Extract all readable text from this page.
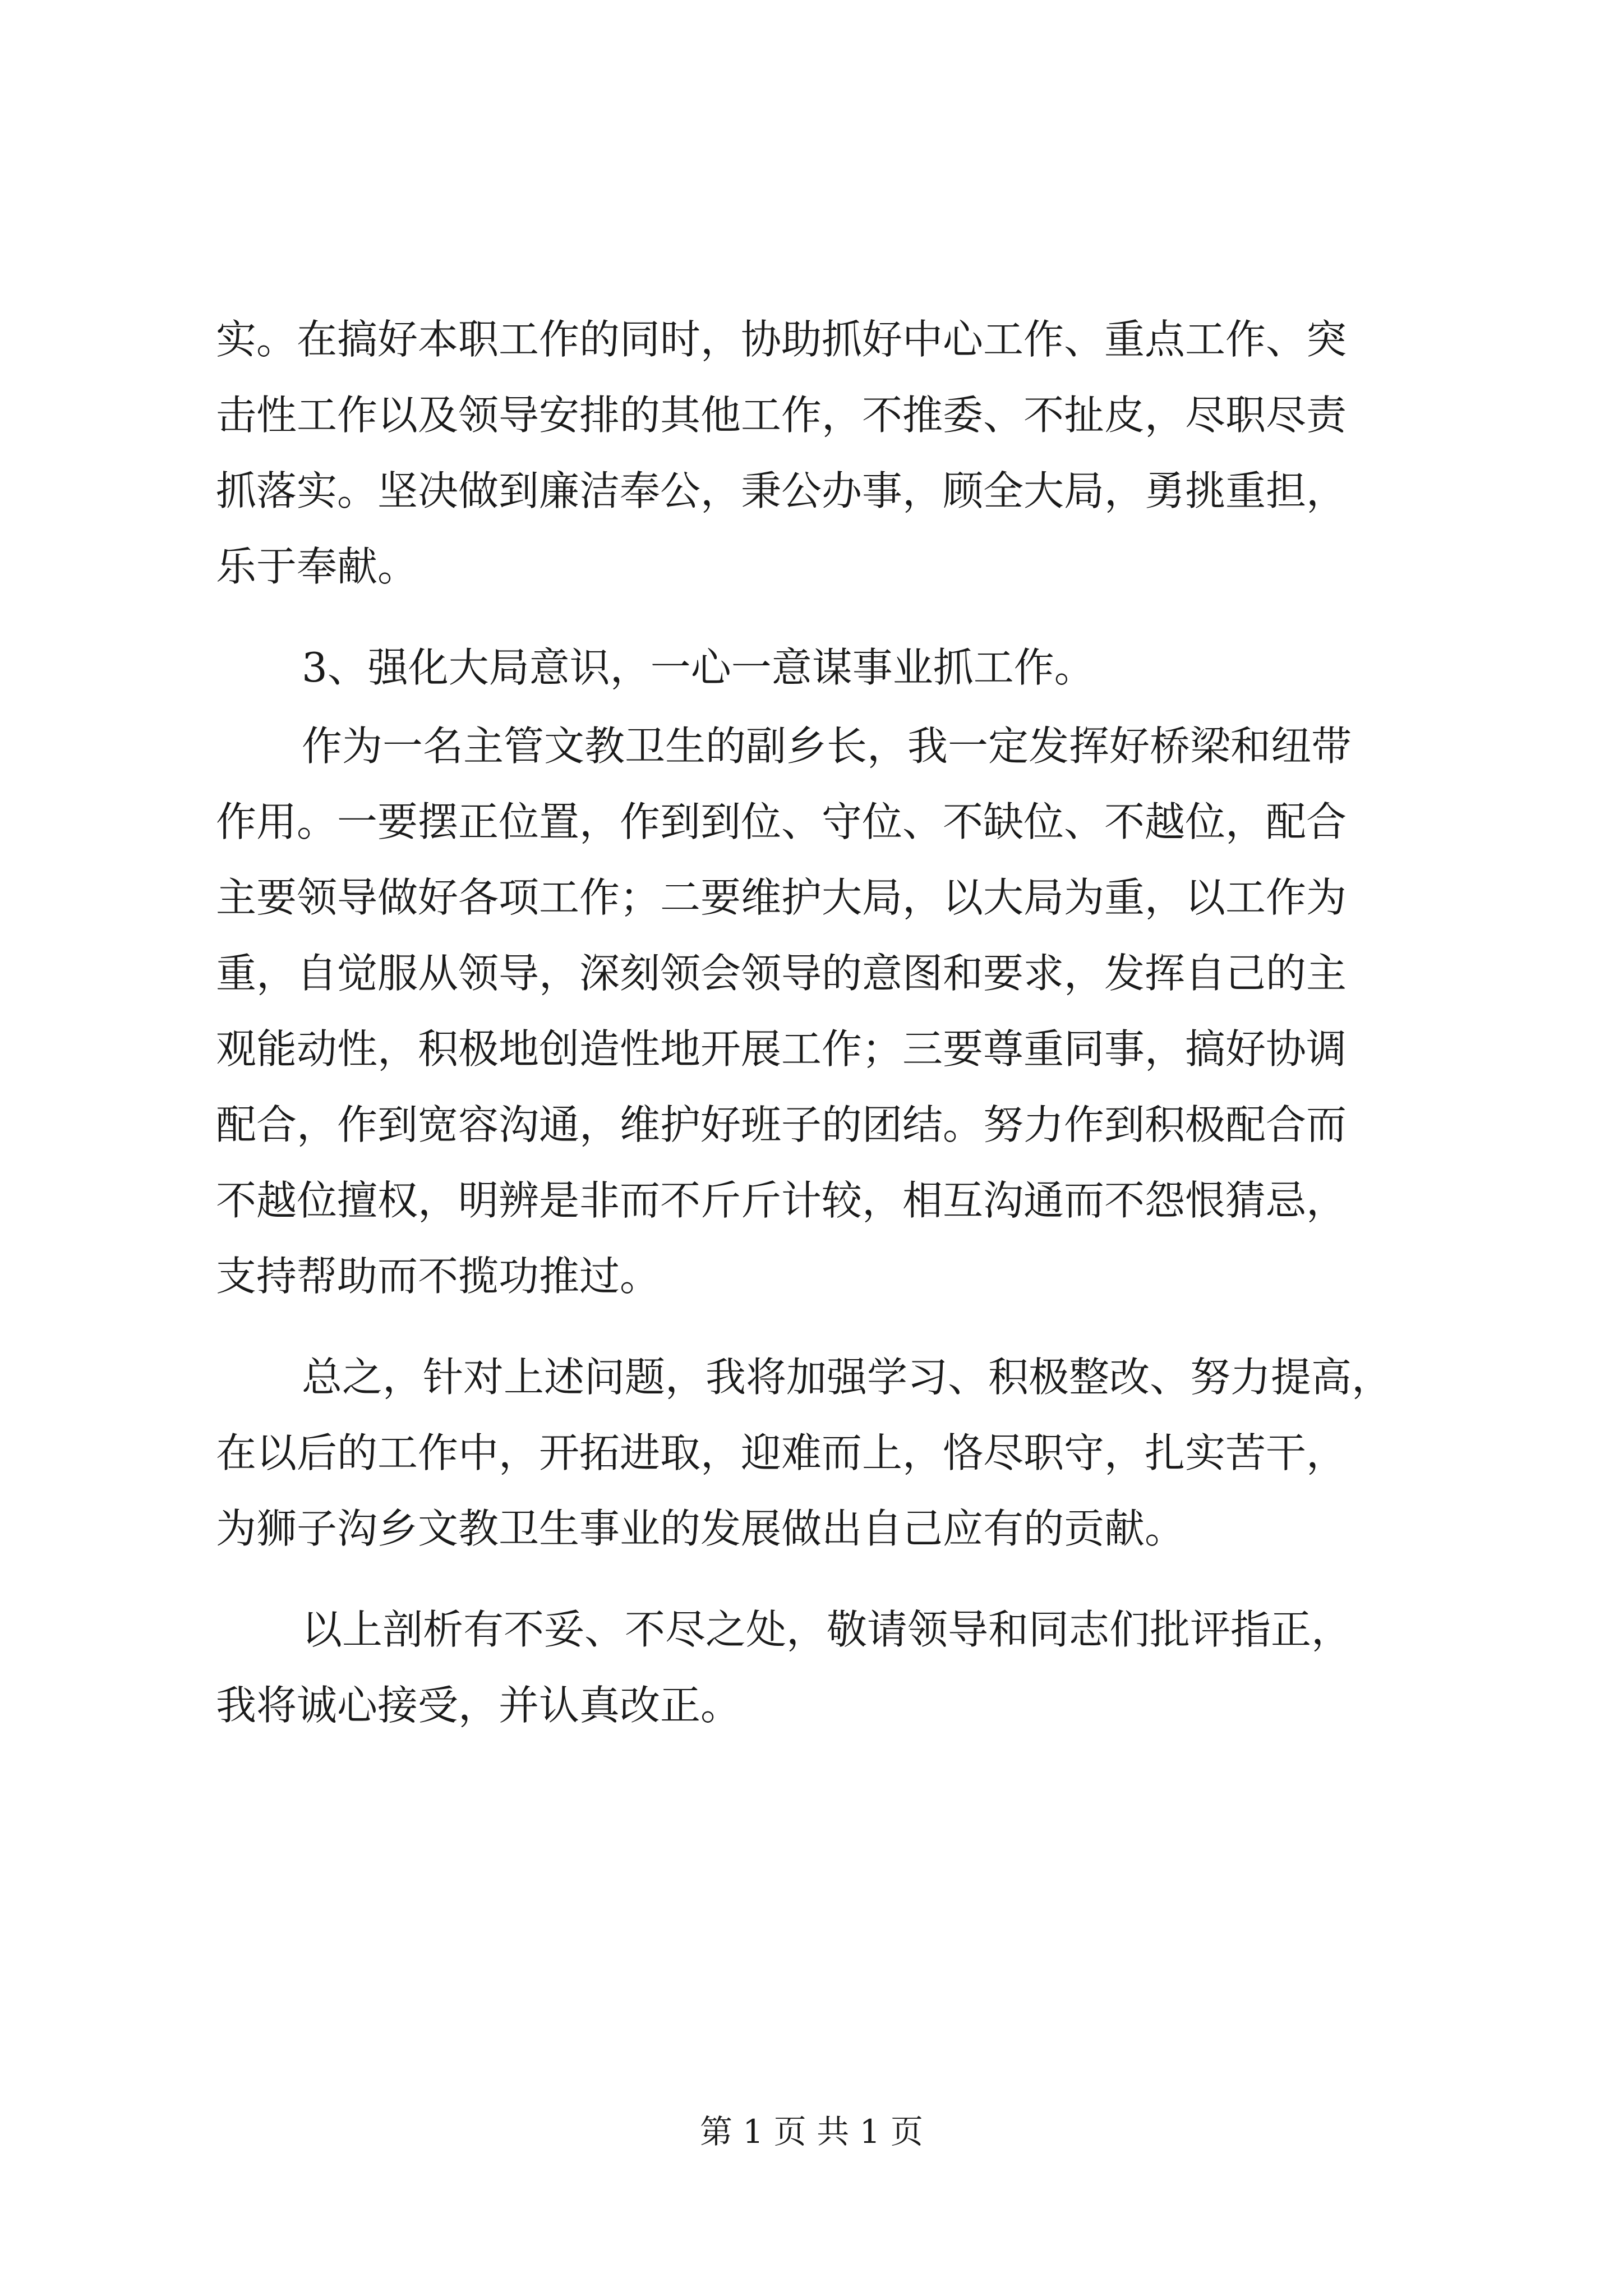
实。在搞好本职工作的同时，协助抓好中心工作、重点工作、突

击性工作以及领导安排的其他工作，不推委、不扯皮，尽职尽责

抓落实。坚决做到廉洁奉公，秉公办事，顾全大局，勇挑重担，

乐于奉献。

3、强化大局意识，一心一意谋事业抓工作。

作为一名主管文教卫生的副乡长，我一定发挥好桥梁和纽带

作用。一要摆正位置，作到到位、守位、不缺位、不越位，配合

主要领导做好各项工作；二要维护大局，以大局为重，以工作为

重，自觉服从领导，深刻领会领导的意图和要求，发挥自己的主

观能动性，积极地创造性地开展工作；三要尊重同事，搞好协调

配合，作到宽容沟通，维护好班子的团结。努力作到积极配合而

不越位擅权，明辨是非而不斤斤计较，相互沟通而不怨恨猜忌，

支持帮助而不揽功推过。

总之，针对上述问题，我将加强学习、积极整改、努力提高，

在以后的工作中，开拓进取，迎难而上，恪尽职守，扎实苦干，

为狮子沟乡文教卫生事业的发展做出自己应有的贡献。

以上剖析有不妥、不尽之处，敬请领导和同志们批评指正，

我将诚心接受，并认真改正。

第 1 页 共 1 页
